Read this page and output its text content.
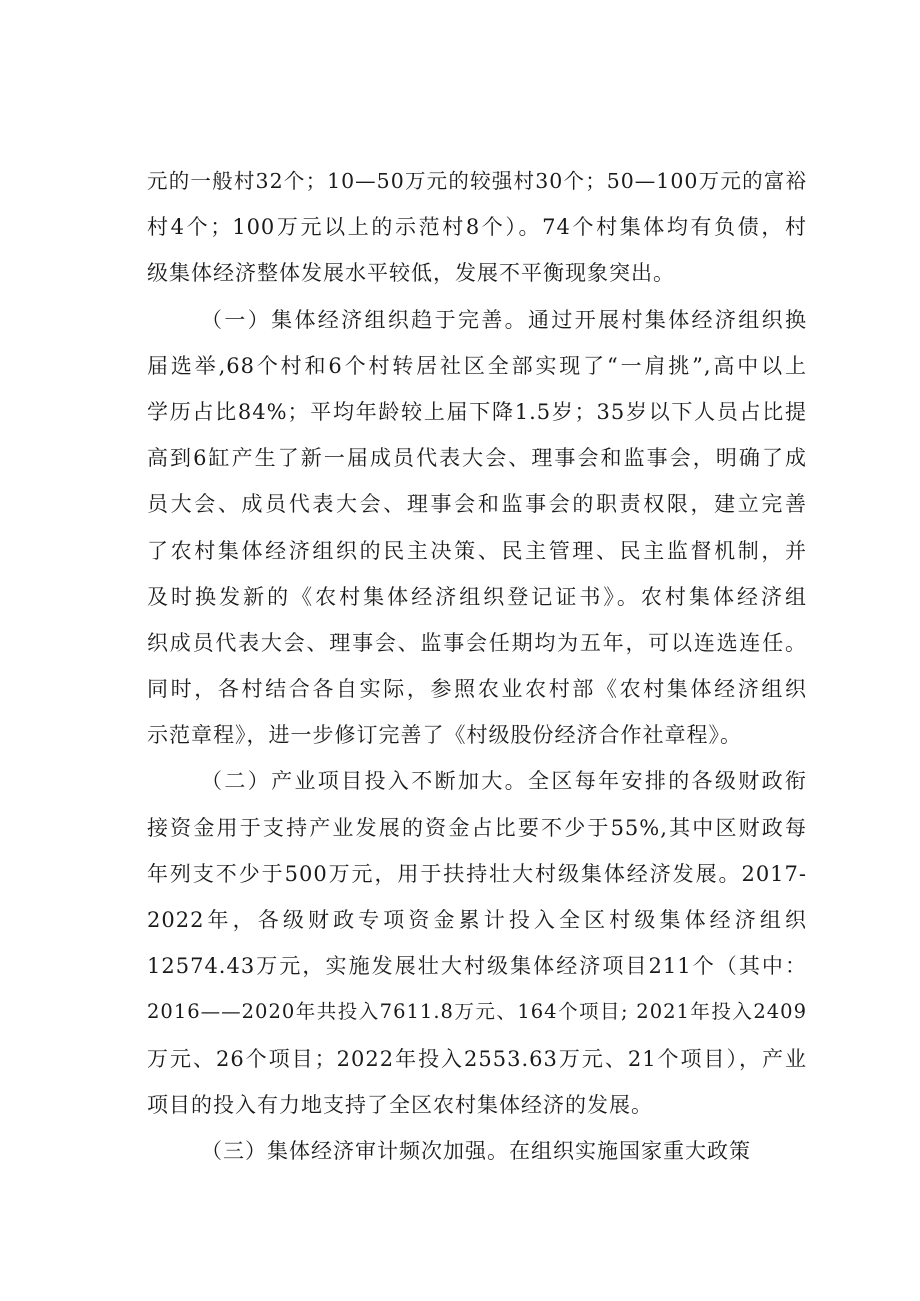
元的一般村32个；10—50万元的较强村30个；50—100万元的富裕
村4个；100万元以上的示范村8个）。74个村集体均有负债，村
级集体经济整体发展水平较低，发展不平衡现象突出。
（一）集体经济组织趋于完善。通过开展村集体经济组织换
届选举,68个村和6个村转居社区全部实现了“一肩挑”,高中以上
学历占比84%；平均年龄较上届下降1.5岁；35岁以下人员占比提
高到6缸产生了新一届成员代表大会、理事会和监事会，明确了成
员大会、成员代表大会、理事会和监事会的职责权限，建立完善
了农村集体经济组织的民主决策、民主管理、民主监督机制，并
及时换发新的《农村集体经济组织登记证书》。农村集体经济组
织成员代表大会、理事会、监事会任期均为五年，可以连选连任。
同时，各村结合各自实际，参照农业农村部《农村集体经济组织
示范章程》，进一步修订完善了《村级股份经济合作社章程》。
（二）产业项目投入不断加大。全区每年安排的各级财政衔
接资金用于支持产业发展的资金占比要不少于55%,其中区财政每
年列支不少于500万元，用于扶持壮大村级集体经济发展。2017-
2022年，各级财政专项资金累计投入全区村级集体经济组织
12574.43万元，实施发展壮大村级集体经济项目211个（其中：
2016——2020年共投入7611.8万元、164个项目; 2021年投入2409
万元、26个项目；2022年投入2553.63万元、21个项目），产业
项目的投入有力地支持了全区农村集体经济的发展。
（三）集体经济审计频次加强。在组织实施国家重大政策
